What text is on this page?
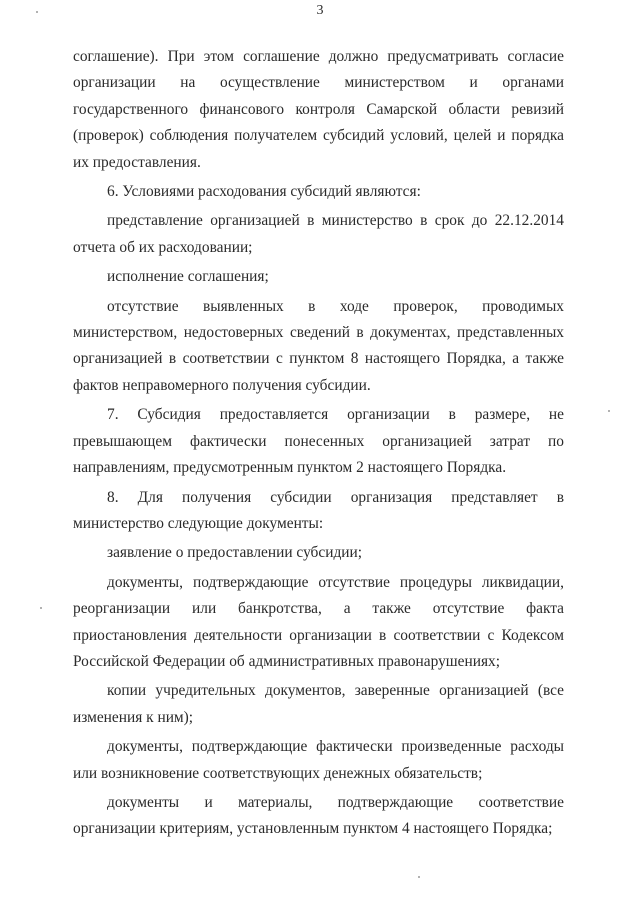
3

соглашение). При этом соглашение должно предусматривать согласие организации на осуществление министерством и органами государственного финансового контроля Самарской области ревизий (проверок) соблюдения получателем субсидий условий, целей и порядка их предоставления.

6. Условиями расходования субсидий являются:

представление организацией в министерство в срок до 22.12.2014 отчета об их расходовании;

исполнение соглашения;

отсутствие выявленных в ходе проверок, проводимых министерством, недостоверных сведений в документах, представленных организацией в соответствии с пунктом 8 настоящего Порядка, а также фактов неправомерного получения субсидии.

7. Субсидия предоставляется организации в размере, не превышающем фактически понесенных организацией затрат по направлениям, предусмотренным пунктом 2 настоящего Порядка.

8. Для получения субсидии организация представляет в министерство следующие документы:

заявление о предоставлении субсидии;

документы, подтверждающие отсутствие процедуры ликвидации, реорганизации или банкротства, а также отсутствие факта приостановления деятельности организации в соответствии с Кодексом Российской Федерации об административных правонарушениях;

копии учредительных документов, заверенные организацией (все изменения к ним);

документы, подтверждающие фактически произведенные расходы или возникновение соответствующих денежных обязательств;

документы и материалы, подтверждающие соответствие организации критериям, установленным пунктом 4 настоящего Порядка;
